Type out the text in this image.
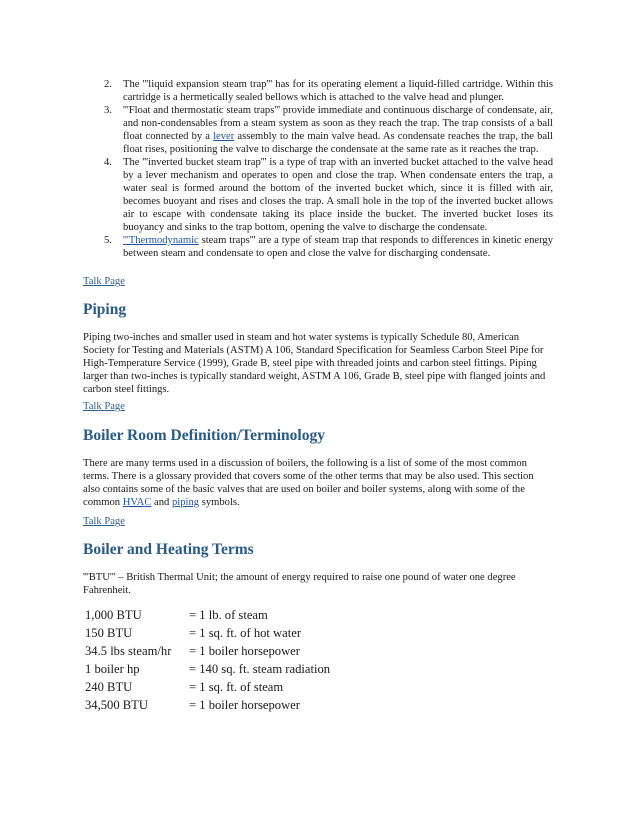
2. The '''liquid expansion steam trap''' has for its operating element a liquid-filled cartridge. Within this cartridge is a hermetically sealed bellows which is attached to the valve head and plunger.
3. '''Float and thermostatic steam traps''' provide immediate and continuous discharge of condensate, air, and non-condensables from a steam system as soon as they reach the trap. The trap consists of a ball float connected by a lever assembly to the main valve head. As condensate reaches the trap, the ball float rises, positioning the valve to discharge the condensate at the same rate as it reaches the trap.
4. The '''inverted bucket steam trap''' is a type of trap with an inverted bucket attached to the valve head by a lever mechanism and operates to open and close the trap. When condensate enters the trap, a water seal is formed around the bottom of the inverted bucket which, since it is filled with air, becomes buoyant and rises and closes the trap. A small hole in the top of the inverted bucket allows air to escape with condensate taking its place inside the bucket. The inverted bucket loses its buoyancy and sinks to the trap bottom, opening the valve to discharge the condensate.
5. '''Thermodynamic steam traps''' are a type of steam trap that responds to differences in kinetic energy between steam and condensate to open and close the valve for discharging condensate.
Talk Page
Piping

Piping two-inches and smaller used in steam and hot water systems is typically Schedule 80, American Society for Testing and Materials (ASTM) A 106, Standard Specification for Seamless Carbon Steel Pipe for High-Temperature Service (1999), Grade B, steel pipe with threaded joints and carbon steel fittings. Piping larger than two-inches is typically standard weight, ASTM A 106, Grade B, steel pipe with flanged joints and carbon steel fittings.

Talk Page
Boiler Room Definition/Terminology

There are many terms used in a discussion of boilers, the following is a list of some of the most common terms. There is a glossary provided that covers some of the other terms that may be also used. This section also contains some of the basic valves that are used on boiler and boiler systems, along with some of the common HVAC and piping symbols.

Talk Page
Boiler and Heating Terms

'''BTU''' – British Thermal Unit; the amount of energy required to raise one pound of water one degree Fahrenheit.

1,000 BTU	= 1 lb. of steam
150 BTU	= 1 sq. ft. of hot water
34.5 lbs steam/hr	= 1 boiler horsepower
1 boiler hp	= 140 sq. ft. steam radiation
240 BTU	= 1 sq. ft. of steam
34,500 BTU	= 1 boiler horsepower
